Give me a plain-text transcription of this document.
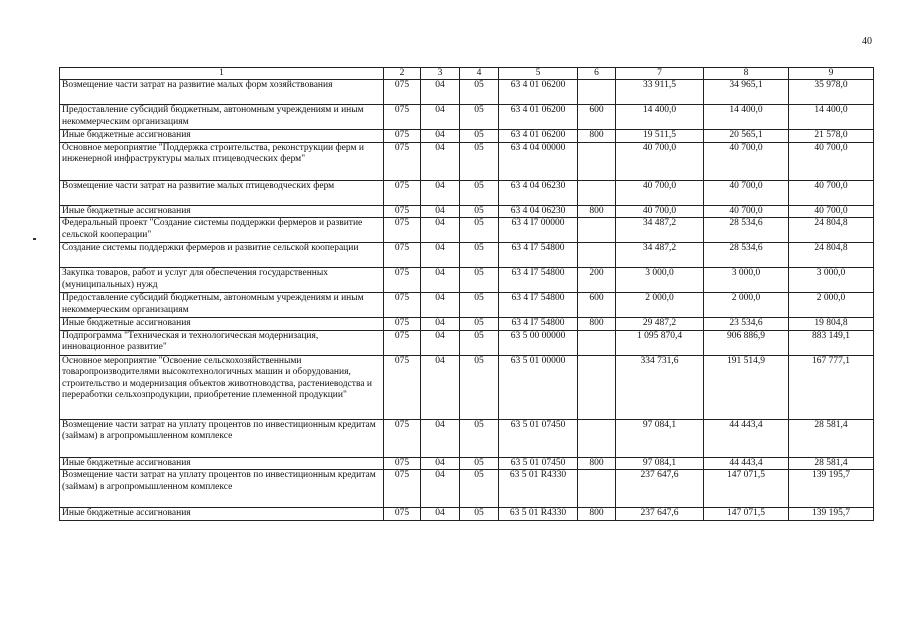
40
1	2	3	4	5	6	7	8	9
Возмещение части затрат на развитие малых форм хозяйствования	075	04	05	63 4 01 06200		33 911,5	34 965,1	35 978,0
Предоставление субсидий бюджетным, автономным учреждениям и иным некоммерческим организациям	075	04	05	63 4 01 06200	600	14 400,0	14 400,0	14 400,0
Иные бюджетные ассигнования	075	04	05	63 4 01 06200	800	19 511,5	20 565,1	21 578,0
Основное мероприятие "Поддержка строительства, реконструкции ферм и инженерной инфраструктуры малых птицеводческих ферм"	075	04	05	63 4 04 00000		40 700,0	40 700,0	40 700,0
Возмещение части затрат на развитие малых птицеводческих ферм	075	04	05	63 4 04 06230		40 700,0	40 700,0	40 700,0
Иные бюджетные ассигнования	075	04	05	63 4 04 06230	800	40 700,0	40 700,0	40 700,0
Федеральный проект "Создание системы поддержки фермеров и развитие сельской кооперации"	075	04	05	63 4 I7 00000		34 487,2	28 534,6	24 804,8
Создание системы поддержки фермеров и развитие сельской кооперации	075	04	05	63 4 I7 54800		34 487,2	28 534,6	24 804,8
Закупка товаров, работ и услуг для обеспечения государственных (муниципальных) нужд	075	04	05	63 4 I7 54800	200	3 000,0	3 000,0	3 000,0
Предоставление субсидий бюджетным, автономным учреждениям и иным некоммерческим организациям	075	04	05	63 4 I7 54800	600	2 000,0	2 000,0	2 000,0
Иные бюджетные ассигнования	075	04	05	63 4 I7 54800	800	29 487,2	23 534,6	19 804,8
Подпрограмма "Техническая и технологическая модернизация, инновационное развитие"	075	04	05	63 5 00 00000		1 095 870,4	906 886,9	883 149,1
Основное мероприятие "Освоение сельскохозяйственными товаропроизводителями высокотехнологичных машин и оборудования, строительство и модернизация объектов животноводства, растениеводства и переработки сельхозпродукции, приобретение племенной продукции"	075	04	05	63 5 01 00000		334 731,6	191 514,9	167 777,1
Возмещение части затрат на уплату процентов по инвестиционным кредитам (займам) в агропромышленном комплексе	075	04	05	63 5 01 07450		97 084,1	44 443,4	28 581,4
Иные бюджетные ассигнования	075	04	05	63 5 01 07450	800	97 084,1	44 443,4	28 581,4
Возмещение части затрат на уплату процентов по инвестиционным кредитам (займам) в агропромышленном комплексе	075	04	05	63 5 01 R4330		237 647,6	147 071,5	139 195,7
Иные бюджетные ассигнования	075	04	05	63 5 01 R4330	800	237 647,6	147 071,5	139 195,7
